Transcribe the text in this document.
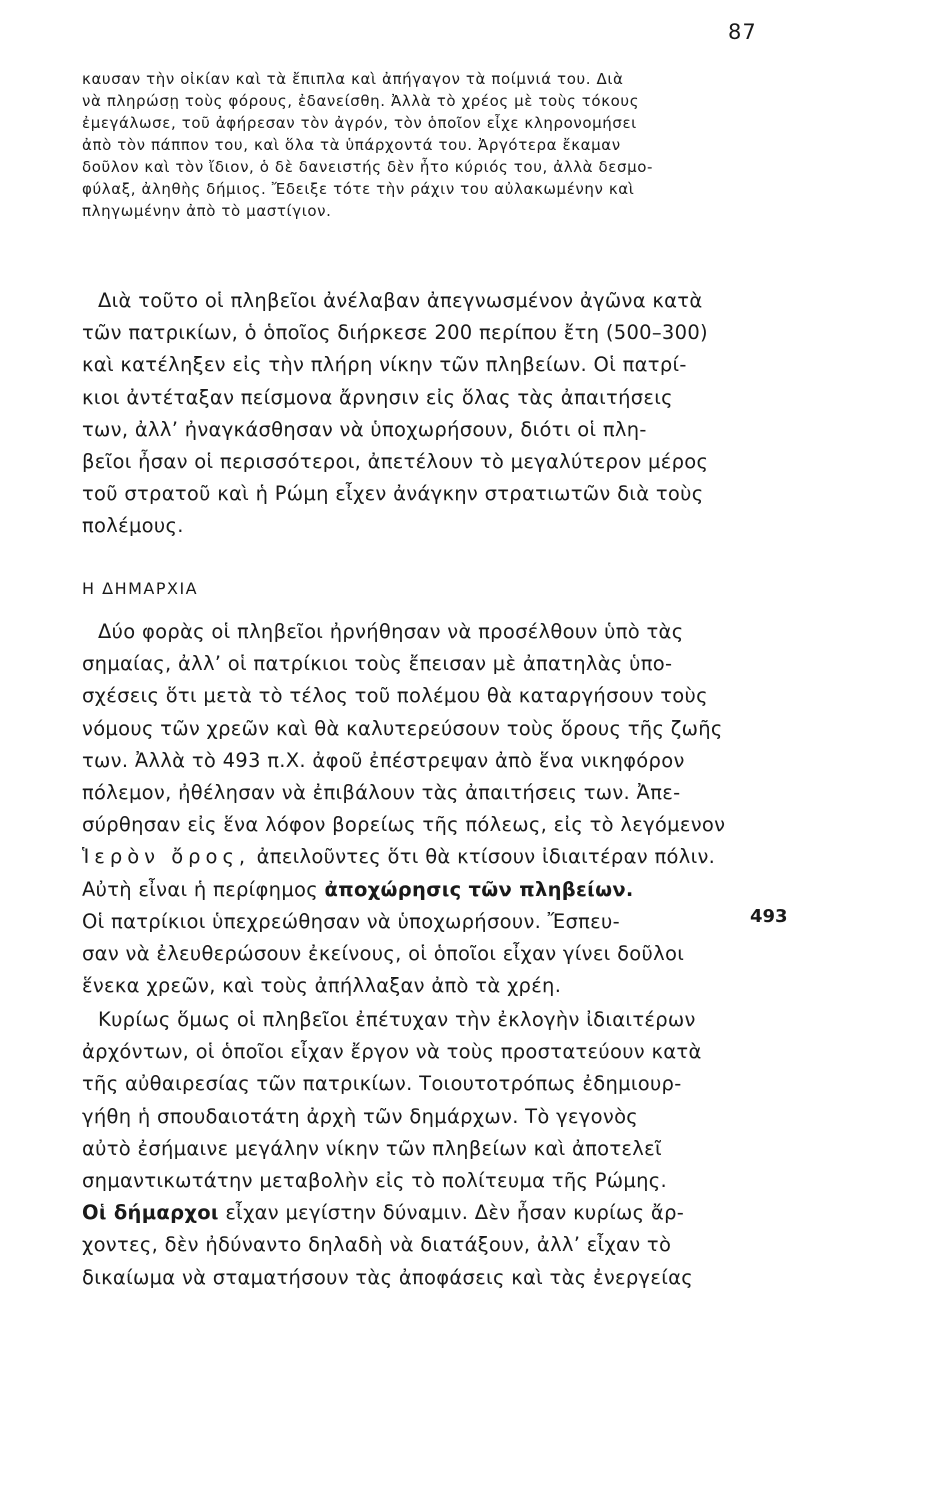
87
καυσαν τὴν οἰκίαν καὶ τὰ ἔπιπλα καὶ ἀπήγαγον τὰ ποίμνιά του. Διὰ
νὰ πληρώσῃ τοὺς φόρους, ἐδανείσθη. Ἀλλὰ τὸ χρέος μὲ τοὺς τόκους
ἐμεγάλωσε, τοῦ ἀφήρεσαν τὸν ἀγρόν, τὸν ὁποῖον εἶχε κληρονομήσει
ἀπὸ τὸν πάππον του, καὶ ὅλα τὰ ὑπάρχοντά του. Ἀργότερα ἔκαμαν
δοῦλον καὶ τὸν ἴδιον, ὁ δὲ δανειστής δὲν ἦτο κύριός του, ἀλλὰ δεσμο-
φύλαξ, ἀληθὴς δήμιος. Ἔδειξε τότε τὴν ράχιν του αὐλακωμένην καὶ
πληγωμένην ἀπὸ τὸ μαστίγιον.
Διὰ τοῦτο οἱ πληβεῖοι ἀνέλαβαν ἀπεγνωσμένον ἀγῶνα κατὰ
τῶν πατρικίων, ὁ ὁποῖος διήρκεσε 200 περίπου ἔτη (500–300)
καὶ κατέληξεν εἰς τὴν πλήρη νίκην τῶν πληβείων. Οἱ πατρί-
κιοι ἀντέταξαν πείσμονα ἄρνησιν εἰς ὅλας τὰς ἀπαιτήσεις
των, ἀλλ’ ἠναγκάσθησαν νὰ ὑποχωρήσουν, διότι οἱ πλη-
βεῖοι ἦσαν οἱ περισσότεροι, ἀπετέλουν τὸ μεγαλύτερον μέρος
τοῦ στρατοῦ καὶ ἡ Ρώμη εἶχεν ἀνάγκην στρατιωτῶν διὰ τοὺς
πολέμους.
Η ΔΗΜΑΡΧΙΑ
Δύο φορὰς οἱ πληβεῖοι ἠρνήθησαν νὰ προσέλθουν ὑπὸ τὰς
σημαίας, ἀλλ’ οἱ πατρίκιοι τοὺς ἔπεισαν μὲ ἀπατηλὰς ὑπο-
σχέσεις ὅτι μετὰ τὸ τέλος τοῦ πολέμου θὰ καταργήσουν τοὺς
νόμους τῶν χρεῶν καὶ θὰ καλυτερεύσουν τοὺς ὅρους τῆς ζωῆς
των. Ἀλλὰ τὸ 493 π.Χ. ἀφοῦ ἐπέστρεψαν ἀπὸ ἕνα νικηφόρον
πόλεμον, ἠθέλησαν νὰ ἐπιβάλουν τὰς ἀπαιτήσεις των. Ἀπε-
σύρθησαν εἰς ἕνα λόφον βορείως τῆς πόλεως, εἰς τὸ λεγόμενον
Ἱερὸν ὄρος, ἀπειλοῦντες ὅτι θὰ κτίσουν ἰδιαιτέραν πόλιν.
Αὐτὴ εἶναι ἡ περίφημος ἀποχώρησις τῶν πληβείων.
Οἱ πατρίκιοι ὑπεχρεώθησαν νὰ ὑποχωρήσουν. Ἔσπευ-
σαν νὰ ἐλευθερώσουν ἐκείνους, οἱ ὁποῖοι εἶχαν γίνει δοῦλοι
ἕνεκα χρεῶν, καὶ τοὺς ἀπήλλαξαν ἀπὸ τὰ χρέη.
493
Κυρίως ὅμως οἱ πληβεῖοι ἐπέτυχαν τὴν ἐκλογὴν ἰδιαιτέρων
ἀρχόντων, οἱ ὁποῖοι εἶχαν ἔργον νὰ τοὺς προστατεύουν κατὰ
τῆς αὐθαιρεσίας τῶν πατρικίων. Τοιουτοτρόπως ἐδημιουρ-
γήθη ἡ σπουδαιοτάτη ἀρχὴ τῶν δημάρχων. Τὸ γεγονὸς
αὐτὸ ἐσήμαινε μεγάλην νίκην τῶν πληβείων καὶ ἀποτελεῖ
σημαντικωτάτην μεταβολὴν εἰς τὸ πολίτευμα τῆς Ρώμης.
Οἱ δήμαρχοι εἶχαν μεγίστην δύναμιν. Δὲν ἦσαν κυρίως ἄρ-
χοντες, δὲν ἠδύναντο δηλαδὴ νὰ διατάξουν, ἀλλ’ εἶχαν τὸ
δικαίωμα νὰ σταματήσουν τὰς ἀποφάσεις καὶ τὰς ἐνεργείας
